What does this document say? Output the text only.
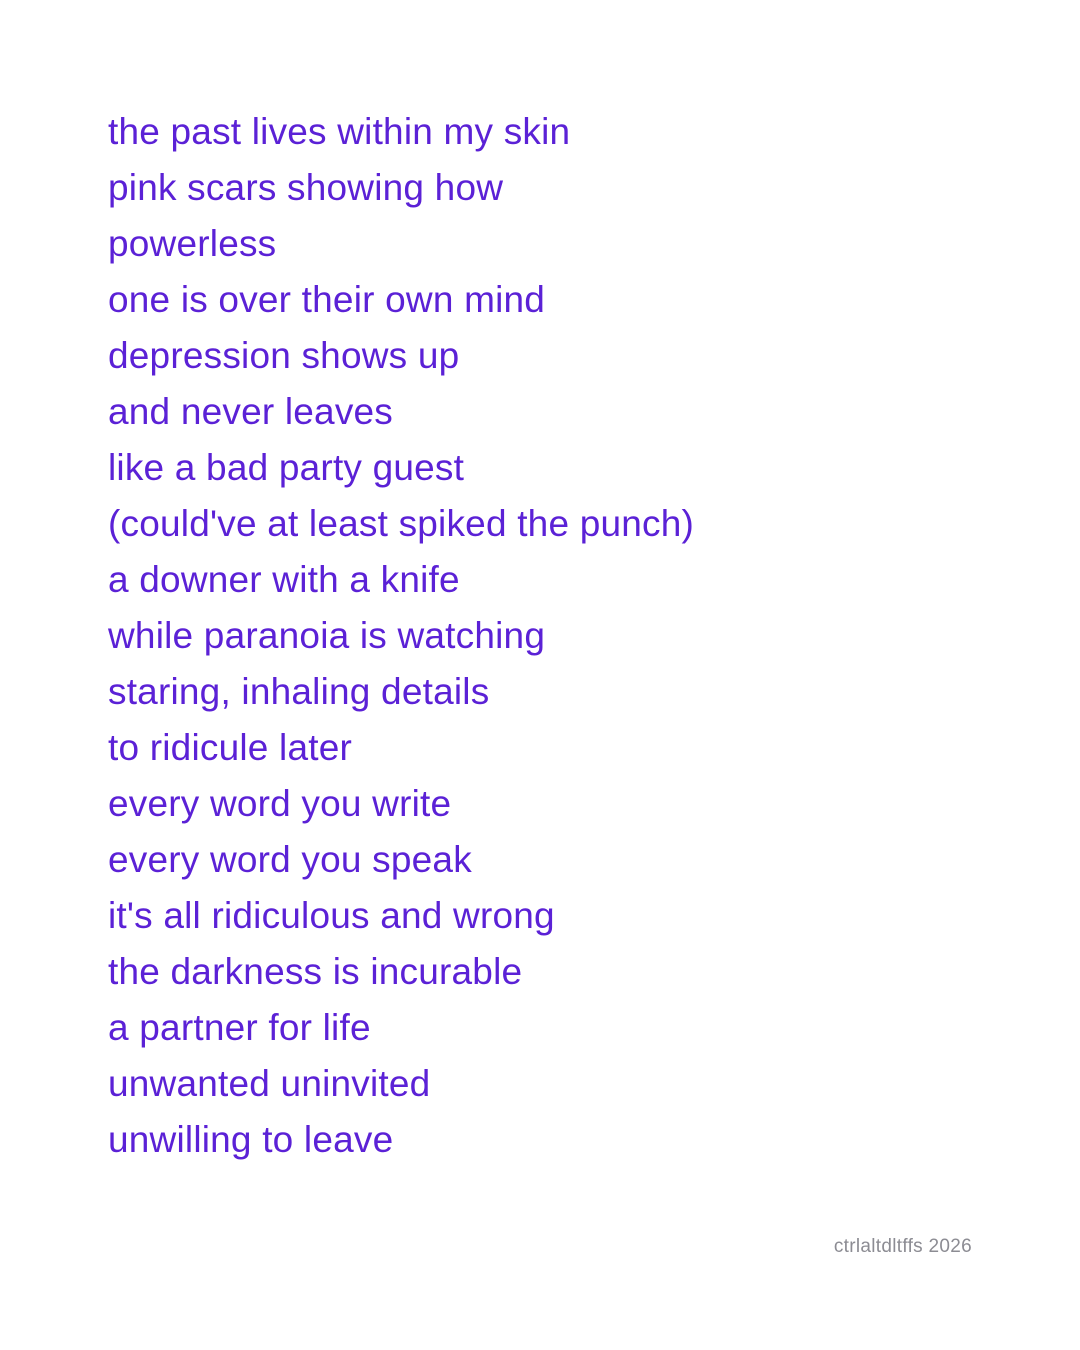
the past lives within my skin
pink scars showing how
powerless
one is over their own mind
depression shows up
and never leaves
like a bad party guest
(could've at least spiked the punch)
a downer with a knife
while paranoia is watching
staring, inhaling details
to ridicule later
every word you write
every word you speak
it's all ridiculous and wrong
the darkness is incurable
a partner for life
unwanted uninvited
unwilling to leave
ctrlaltdltffs 2026
